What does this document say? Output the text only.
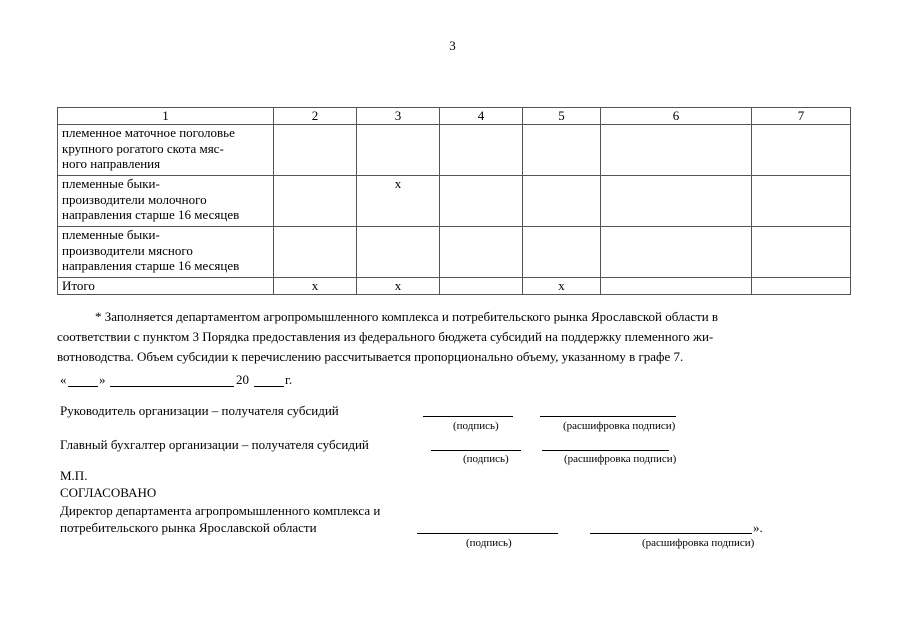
3
1	2	3	4	5	6	7

племенное маточное поголовье
крупного рогатого скота мяс-
ного направления						

племенные быки-
производители молочного
направления старше 16 месяцев		х				

племенные быки-
производители мясного
направления старше 16 месяцев						

Итого	х	х		х		
* Заполняется департаментом агропромышленного комплекса и потребительского рынка Ярославской области в
соответствии с пунктом 3 Порядка предоставления из федерального бюджета субсидий на поддержку племенного жи-
вотноводства. Объем субсидии к перечислению рассчитывается пропорционально объему, указанному в графе 7.
«	»	20	г.
Руководитель организации – получателя субсидий
(подпись)	(расшифровка подписи)
Главный бухгалтер организации – получателя субсидий
(подпись)	(расшифровка подписи)
М.П.
СОГЛАСОВАНО
Директор департамента агропромышленного комплекса и
потребительского рынка Ярославской области	».
(подпись)	(расшифровка подписи)
